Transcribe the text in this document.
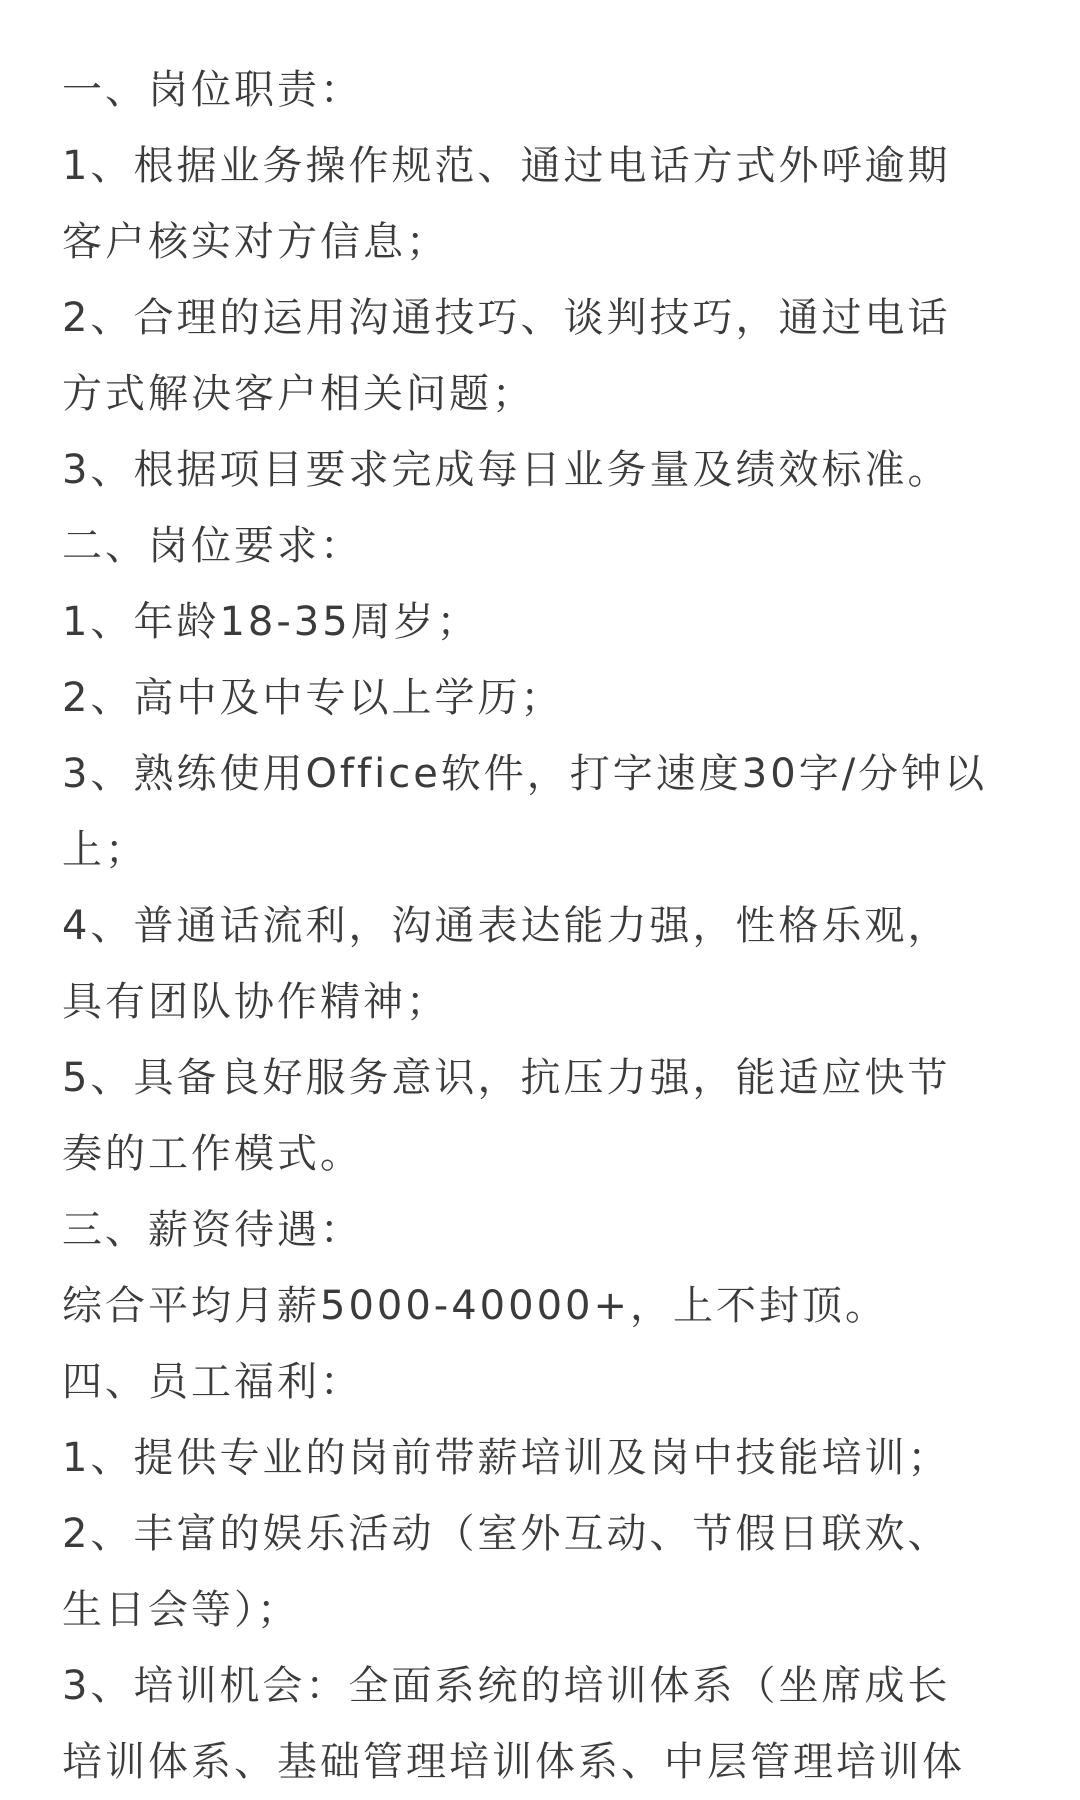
一、岗位职责：

1、根据业务操作规范、通过电话方式外呼逾期

客户核实对方信息；

2、合理的运用沟通技巧、谈判技巧，通过电话

方式解决客户相关问题；

3、根据项目要求完成每日业务量及绩效标准。

二、岗位要求：

1、年龄18-35周岁；

2、高中及中专以上学历；

3、熟练使用Office软件，打字速度30字/分钟以

上；

4、普通话流利，沟通表达能力强，性格乐观，

具有团队协作精神；

5、具备良好服务意识，抗压力强，能适应快节

奏的工作模式。

三、薪资待遇：

综合平均月薪5000-40000+，上不封顶。

四、员工福利：

1、提供专业的岗前带薪培训及岗中技能培训；

2、丰富的娱乐活动（室外互动、节假日联欢、

生日会等）；

3、培训机会：全面系统的培训体系（坐席成长

培训体系、基础管理培训体系、中层管理培训体
